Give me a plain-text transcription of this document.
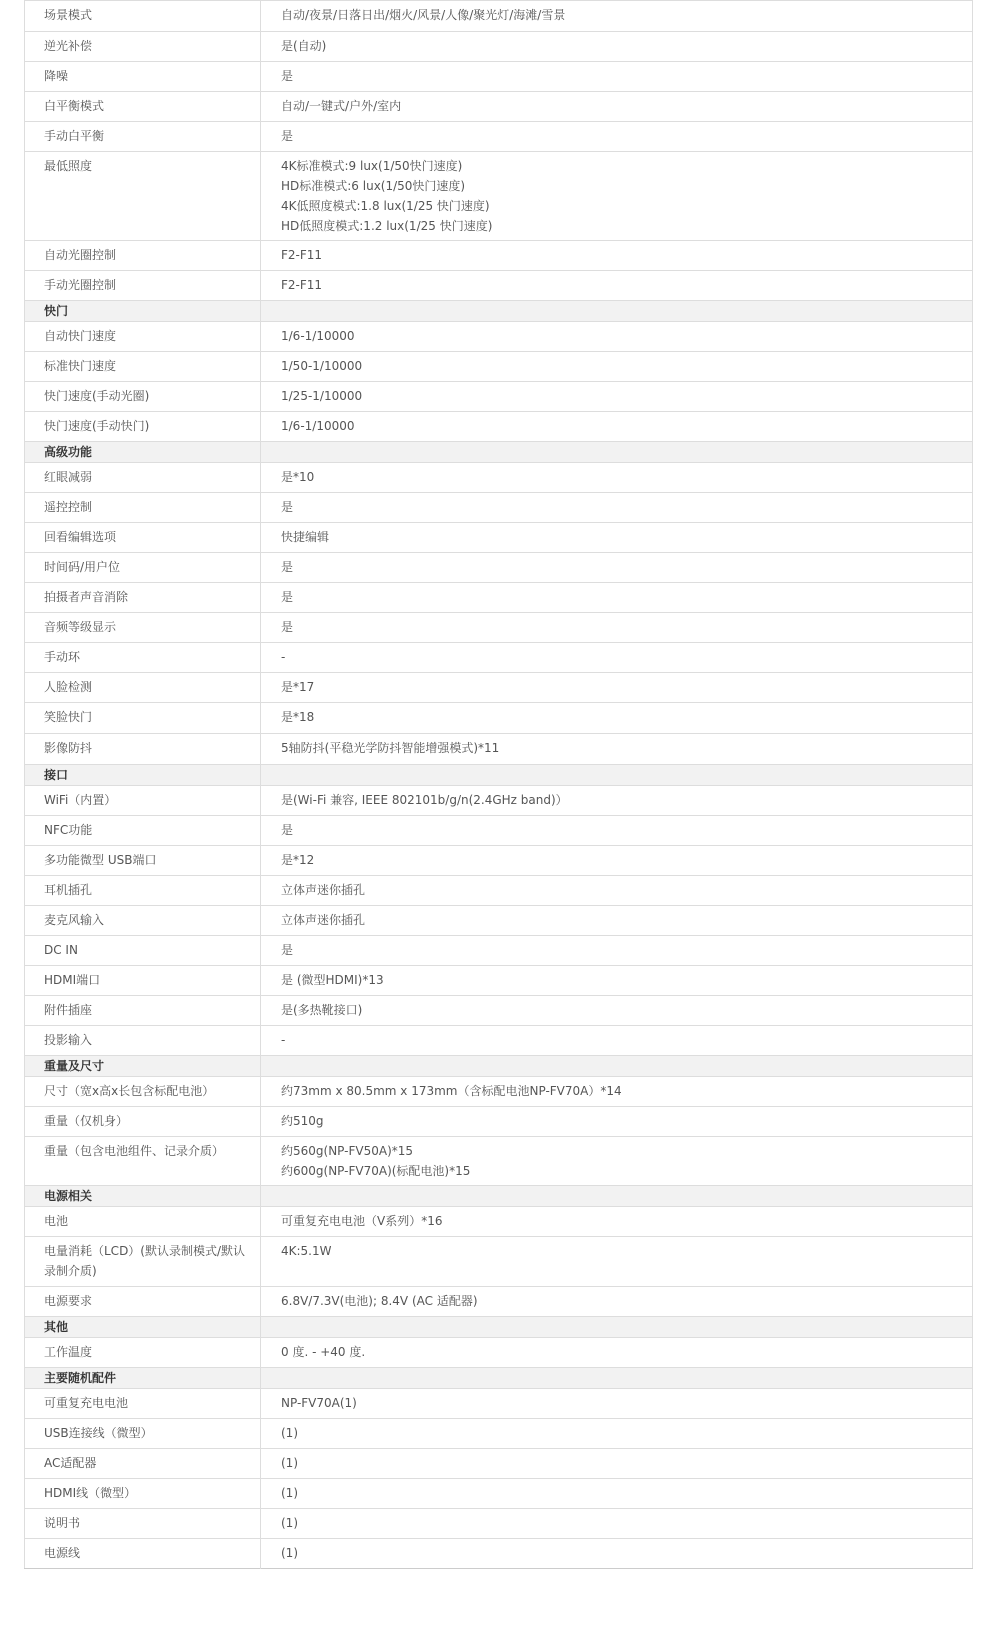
场景模式	自动/夜景/日落日出/烟火/风景/人像/聚光灯/海滩/雪景

逆光补偿	是(自动)

降噪	是

白平衡模式	自动/一键式/户外/室内

手动白平衡	是

最低照度	4K标准模式:9 lux(1/50快门速度)
HD标准模式:6 lux(1/50快门速度)
4K低照度模式:1.8 lux(1/25 快门速度)
HD低照度模式:1.2 lux(1/25 快门速度)

自动光圈控制	F2-F11

手动光圈控制	F2-F11

快门	
自动快门速度	1/6-1/10000

标准快门速度	1/50-1/10000

快门速度(手动光圈)	1/25-1/10000

快门速度(手动快门)	1/6-1/10000

高级功能	
红眼减弱	是*10

遥控控制	是

回看编辑选项	快捷编辑

时间码/用户位	是

拍摄者声音消除	是

音频等级显示	是

手动环	-

人脸检测	是*17

笑脸快门	是*18

影像防抖	5轴防抖(平稳光学防抖智能增强模式)*11

接口	
WiFi（内置）	是(Wi-Fi 兼容, IEEE 802101b/g/n(2.4GHz band)）

NFC功能	是

多功能微型 USB端口	是*12

耳机插孔	立体声迷你插孔

麦克风输入	立体声迷你插孔

DC IN	是

HDMI端口	是 (微型HDMI)*13

附件插座	是(多热靴接口)

投影输入	-

重量及尺寸	
尺寸（宽x高x长包含标配电池）	约73mm x 80.5mm x 173mm（含标配电池NP-FV70A）*14

重量（仅机身）	约510g

重量（包含电池组件、记录介质）	约560g(NP-FV50A)*15
约600g(NP-FV70A)(标配电池)*15

电源相关	
电池	可重复充电电池（V系列）*16

电量消耗（LCD）(默认录制模式/默认录制介质)	4K:5.1W

电源要求	6.8V/7.3V(电池); 8.4V (AC 适配器)

其他	
工作温度	0 度. - +40 度.

主要随机配件	
可重复充电电池	NP-FV70A(1)

USB连接线（微型）	(1)

AC适配器	(1)

HDMI线（微型）	(1)

说明书	(1)

电源线	(1)
